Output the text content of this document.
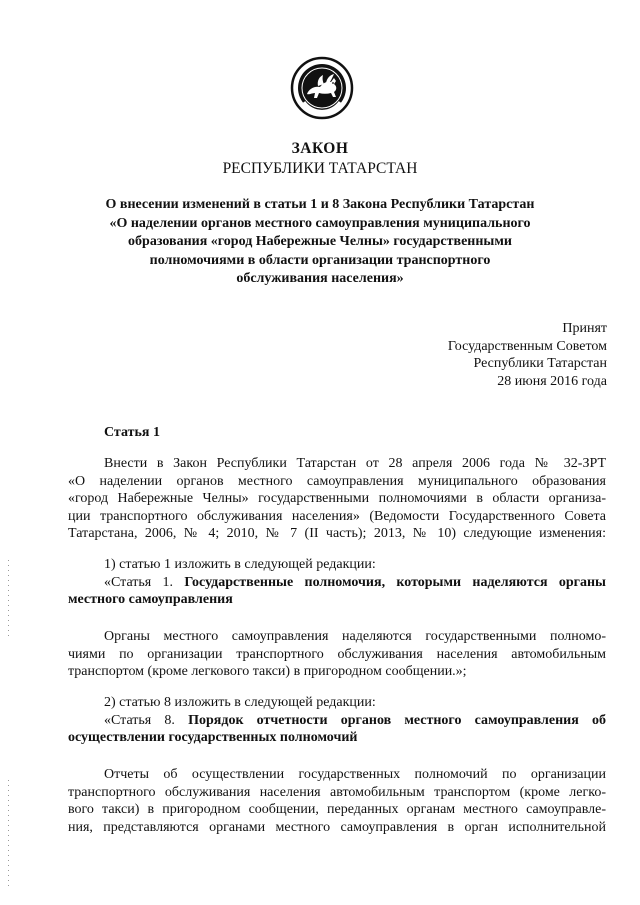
ЗАКОН
РЕСПУБЛИКИ ТАТАРСТАН
О внесении изменений в статьи 1 и 8 Закона Республики Татарстан
«О наделении органов местного самоуправления муниципального
образования «город Набережные Челны» государственными
полномочиями в области организации транспортного
обслуживания населения»
Принят
Государственным Советом
Республики Татарстан
28 июня 2016 года
Статья 1
Внести в Закон Республики Татарстан от 28 апреля 2006 года № 32-ЗРТ
«О наделении органов местного самоуправления муниципального образования
«город Набережные Челны» государственными полномочиями в области организа-
ции транспортного обслуживания населения» (Ведомости Государственного Совета
Татарстана, 2006, № 4; 2010, № 7 (II часть); 2013, № 10) следующие изменения:
1) статью 1 изложить в следующей редакции:
«Статья 1. Государственные полномочия, которыми наделяются органы
местного самоуправления
Органы местного самоуправления наделяются государственными полномо-
чиями по организации транспортного обслуживания населения автомобильным
транспортом (кроме легкового такси) в пригородном сообщении.»;
2) статью 8 изложить в следующей редакции:
«Статья 8. Порядок отчетности органов местного самоуправления об
осуществлении государственных полномочий
Отчеты об осуществлении государственных полномочий по организации
транспортного обслуживания населения автомобильным транспортом (кроме легко-
вого такси) в пригородном сообщении, переданных органам местного самоуправле-
ния, представляются органами местного самоуправления в орган исполнительной
